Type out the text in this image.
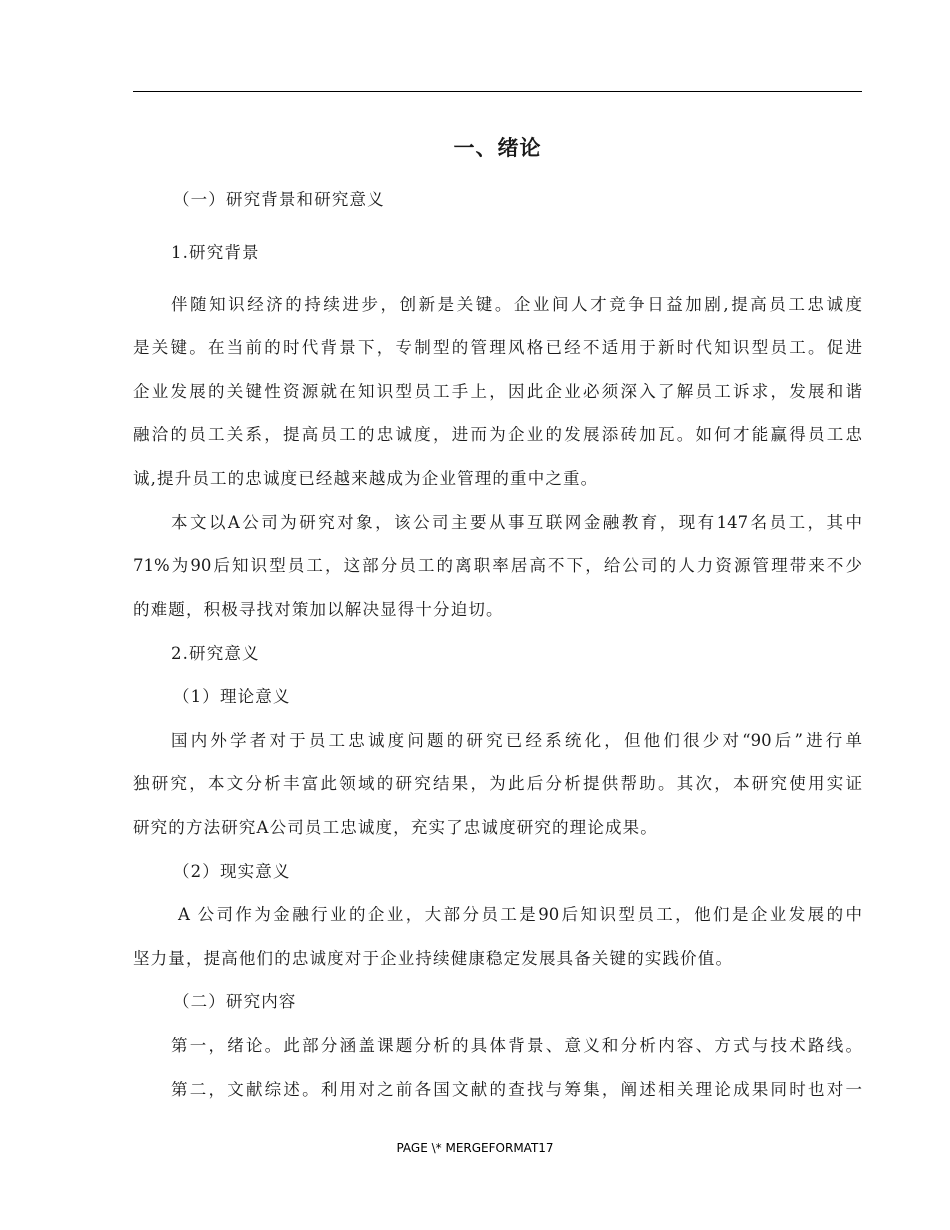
一、绪论
（一）研究背景和研究意义
1.研究背景
伴随知识经济的持续进步，创新是关键。企业间人才竞争日益加剧,提高员工忠诚度
是关键。在当前的时代背景下，专制型的管理风格已经不适用于新时代知识型员工。促进
企业发展的关键性资源就在知识型员工手上，因此企业必须深入了解员工诉求，发展和谐
融洽的员工关系，提高员工的忠诚度，进而为企业的发展添砖加瓦。如何才能赢得员工忠
诚,提升员工的忠诚度已经越来越成为企业管理的重中之重。
本文以A公司为研究对象，该公司主要从事互联网金融教育，现有147名员工，其中
71%为90后知识型员工，这部分员工的离职率居高不下，给公司的人力资源管理带来不少
的难题，积极寻找对策加以解决显得十分迫切。
2.研究意义
（1）理论意义
国内外学者对于员工忠诚度问题的研究已经系统化，但他们很少对“90后”进行单
独研究，本文分析丰富此领域的研究结果，为此后分析提供帮助。其次，本研究使用实证
研究的方法研究A公司员工忠诚度，充实了忠诚度研究的理论成果。
（2）现实意义
A 公司作为金融行业的企业，大部分员工是90后知识型员工，他们是企业发展的中
坚力量，提高他们的忠诚度对于企业持续健康稳定发展具备关键的实践价值。
（二）研究内容
第一，绪论。此部分涵盖课题分析的具体背景、意义和分析内容、方式与技术路线。
第二，文献综述。利用对之前各国文献的查找与筹集，阐述相关理论成果同时也对一
PAGE \* MERGEFORMAT17
